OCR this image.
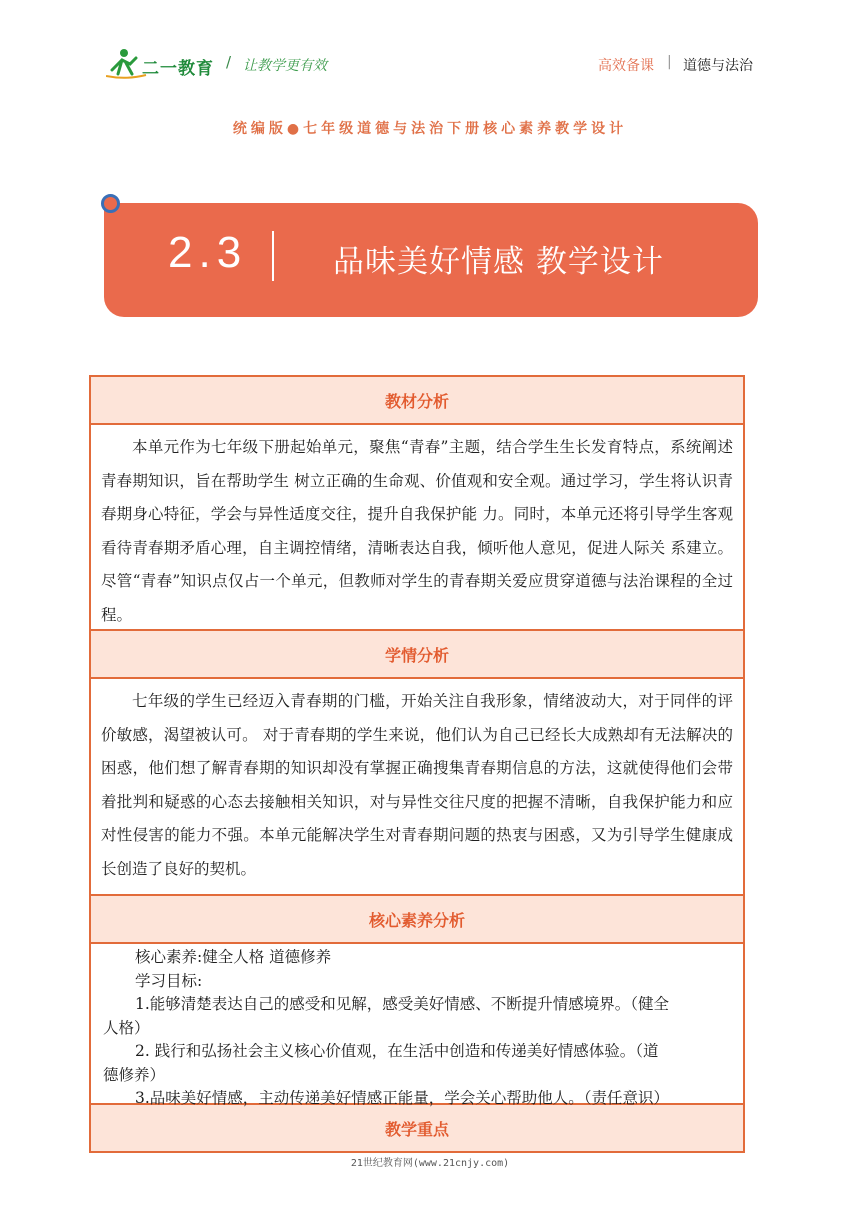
二一教育 / 让教学更有效	高效备课 | 道德与法治
统编版●七年级道德与法治下册核心素养教学设计
2.3	品味美好情感 教学设计
教材分析
本单元作为七年级下册起始单元，聚焦“青春”主题，结合学生生长发育特点，系统阐述青春期知识，旨在帮助学生 树立正确的生命观、价值观和安全观。通过学习，学生将认识青春期身心特征，学会与异性适度交往，提升自我保护能 力。同时，本单元还将引导学生客观看待青春期矛盾心理，自主调控情绪，清晰表达自我，倾听他人意见，促进人际关 系建立。尽管“青春”知识点仅占一个单元，但教师对学生的青春期关爱应贯穿道德与法治课程的全过程。
学情分析
七年级的学生已经迈入青春期的门槛，开始关注自我形象，情绪波动大，对于同伴的评价敏感，渴望被认可。 对于青春期的学生来说，他们认为自己已经长大成熟却有无法解决的困惑，他们想了解青春期的知识却没有掌握正确搜集青春期信息的方法，这就使得他们会带着批判和疑惑的心态去接触相关知识，对与异性交往尺度的把握不清晰，自我保护能力和应对性侵害的能力不强。本单元能解决学生对青春期问题的热衷与困惑，又为引导学生健康成长创造了良好的契机。
核心素养分析
核心素养:健全人格 道德修养
学习目标:
1.能够清楚表达自己的感受和见解，感受美好情感、不断提升情感境界。（健全
人格）
2. 践行和弘扬社会主义核心价值观，在生活中创造和传递美好情感体验。（道
德修养）
3.品味美好情感，主动传递美好情感正能量，学会关心帮助他人。（责任意识）
教学重点
21世纪教育网(www.21cnjy.com)
